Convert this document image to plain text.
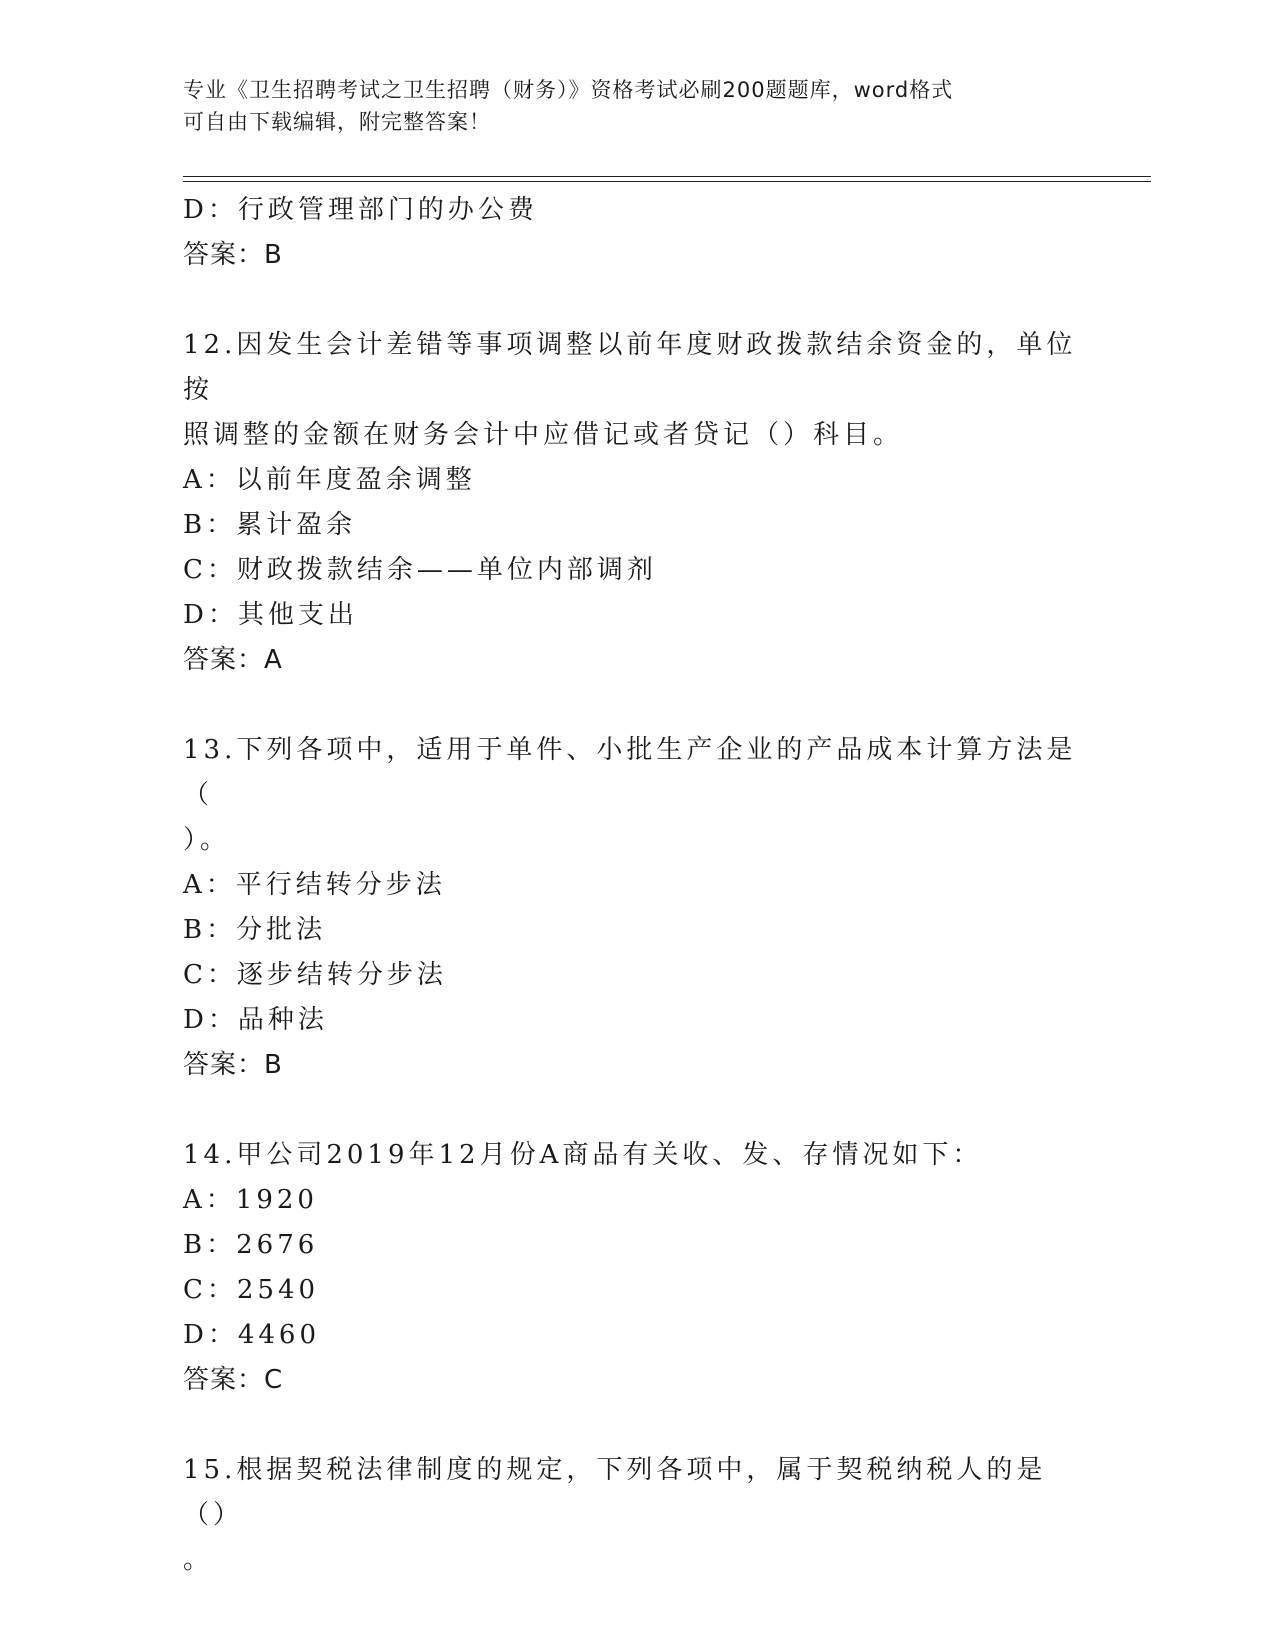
专业《卫生招聘考试之卫生招聘（财务）》资格考试必刷200题题库，word格式
可自由下载编辑，附完整答案！
D：行政管理部门的办公费
答案：B
12.因发生会计差错等事项调整以前年度财政拨款结余资金的，单位按
照调整的金额在财务会计中应借记或者贷记（）科目。
A：以前年度盈余调整
B：累计盈余
C：财政拨款结余——单位内部调剂
D：其他支出
答案：A
13.下列各项中，适用于单件、小批生产企业的产品成本计算方法是（
）。
A：平行结转分步法
B：分批法
C：逐步结转分步法
D：品种法
答案：B
14.甲公司2019年12月份A商品有关收、发、存情况如下：
A：1920
B：2676
C：2540
D：4460
答案：C
15.根据契税法律制度的规定，下列各项中，属于契税纳税人的是（）
。
